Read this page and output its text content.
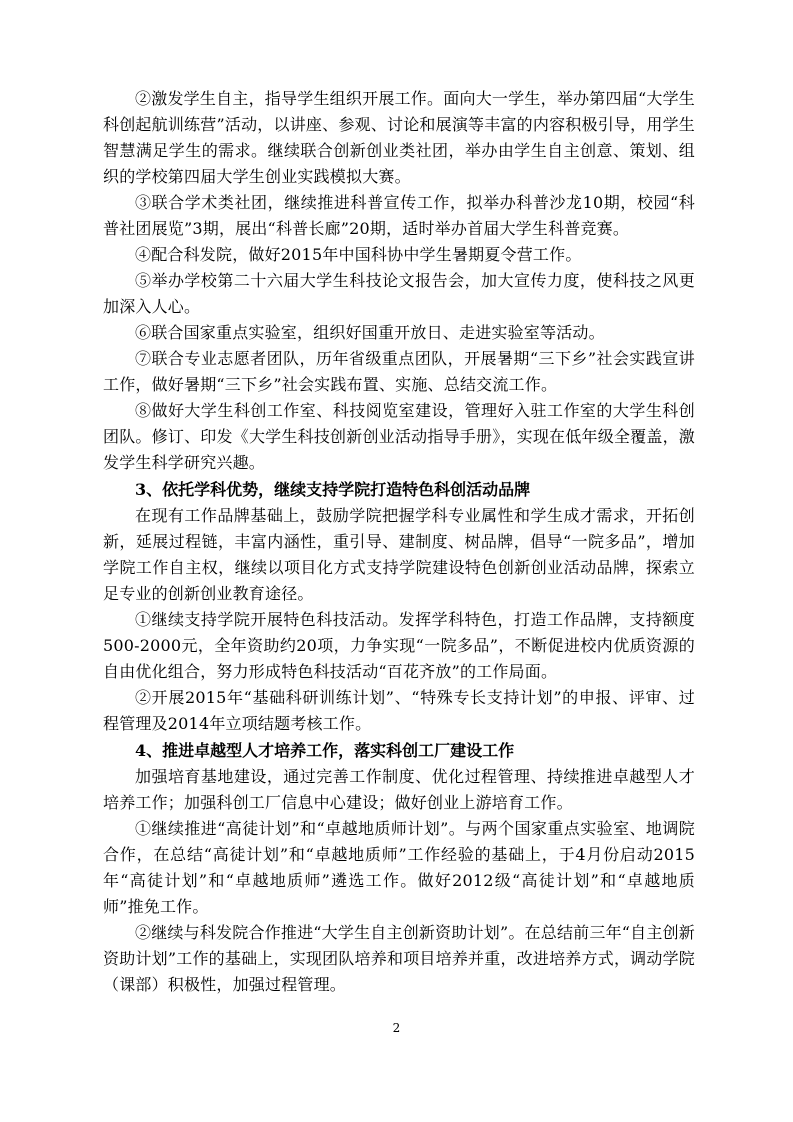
②激发学生自主，指导学生组织开展工作。面向大一学生，举办第四届“大学生科创起航训练营”活动，以讲座、参观、讨论和展演等丰富的内容积极引导，用学生智慧满足学生的需求。继续联合创新创业类社团，举办由学生自主创意、策划、组织的学校第四届大学生创业实践模拟大赛。

③联合学术类社团，继续推进科普宣传工作，拟举办科普沙龙10期，校园“科普社团展览”3期，展出“科普长廊”20期，适时举办首届大学生科普竞赛。

④配合科发院，做好2015年中国科协中学生暑期夏令营工作。

⑤举办学校第二十六届大学生科技论文报告会，加大宣传力度，使科技之风更加深入人心。

⑥联合国家重点实验室，组织好国重开放日、走进实验室等活动。

⑦联合专业志愿者团队，历年省级重点团队，开展暑期“三下乡”社会实践宣讲工作，做好暑期“三下乡”社会实践布置、实施、总结交流工作。

⑧做好大学生科创工作室、科技阅览室建设，管理好入驻工作室的大学生科创团队。修订、印发《大学生科技创新创业活动指导手册》，实现在低年级全覆盖，激发学生科学研究兴趣。

3、依托学科优势，继续支持学院打造特色科创活动品牌

在现有工作品牌基础上，鼓励学院把握学科专业属性和学生成才需求，开拓创新，延展过程链，丰富内涵性，重引导、建制度、树品牌，倡导“一院多品”，增加学院工作自主权，继续以项目化方式支持学院建设特色创新创业活动品牌，探索立足专业的创新创业教育途径。

①继续支持学院开展特色科技活动。发挥学科特色，打造工作品牌，支持额度500-2000元，全年资助约20项，力争实现“一院多品”，不断促进校内优质资源的自由优化组合，努力形成特色科技活动“百花齐放”的工作局面。

②开展2015年“基础科研训练计划”、“特殊专长支持计划”的申报、评审、过程管理及2014年立项结题考核工作。

4、推进卓越型人才培养工作，落实科创工厂建设工作

加强培育基地建设，通过完善工作制度、优化过程管理、持续推进卓越型人才培养工作；加强科创工厂信息中心建设；做好创业上游培育工作。

①继续推进“高徒计划”和“卓越地质师计划”。与两个国家重点实验室、地调院合作，在总结“高徒计划”和“卓越地质师”工作经验的基础上，于4月份启动2015年“高徒计划”和“卓越地质师”遴选工作。做好2012级“高徒计划”和“卓越地质师”推免工作。

②继续与科发院合作推进“大学生自主创新资助计划”。在总结前三年“自主创新资助计划”工作的基础上，实现团队培养和项目培养并重，改进培养方式，调动学院（课部）积极性，加强过程管理。

2
